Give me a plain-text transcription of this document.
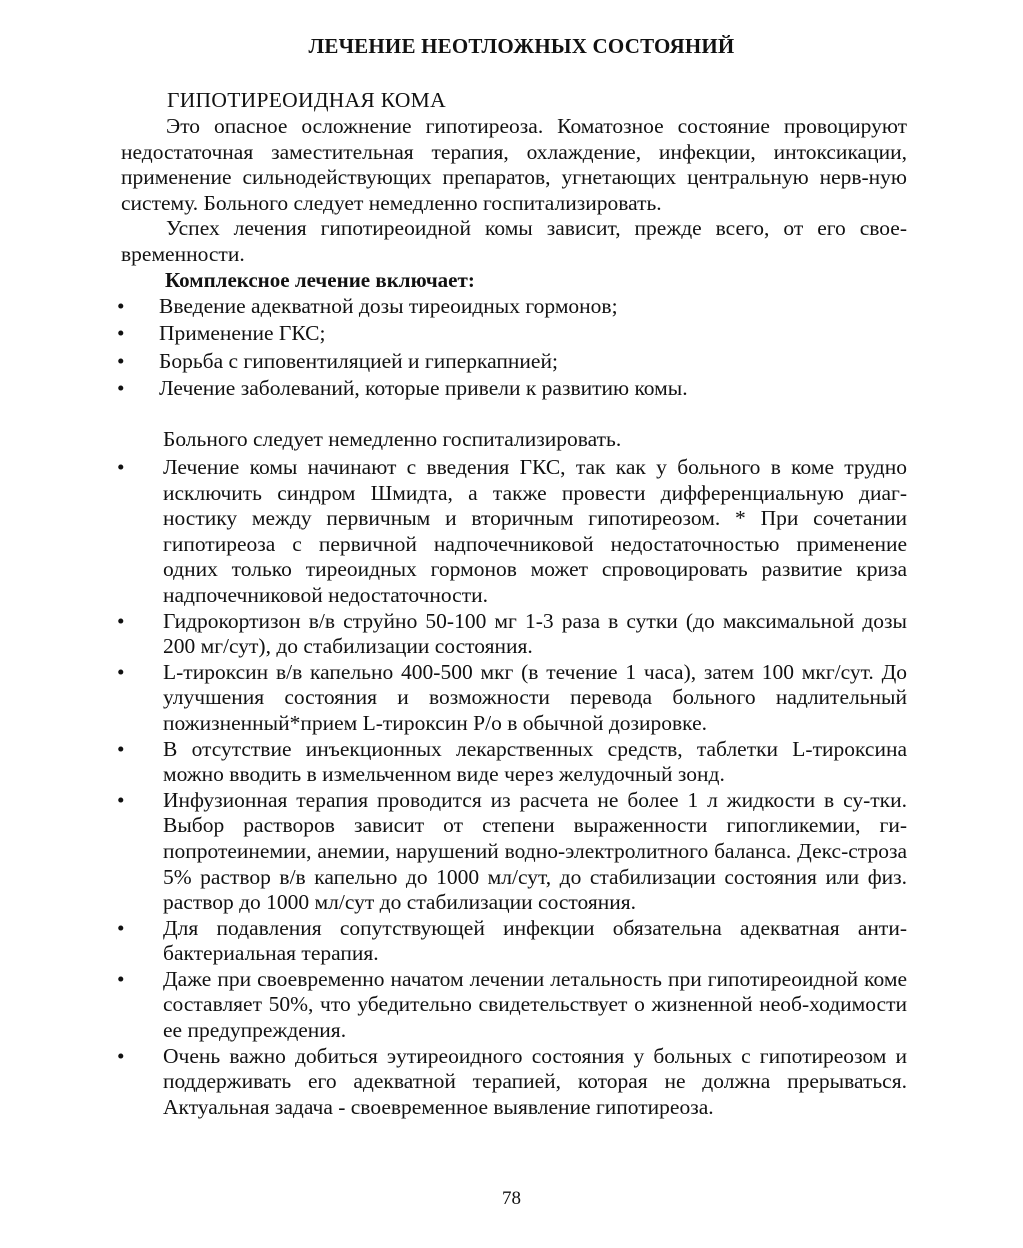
ЛЕЧЕНИЕ НЕОТЛОЖНЫХ СОСТОЯНИЙ
ГИПОТИРЕОИДНАЯ КОМА

Это опасное осложнение гипотиреоза. Коматозное состояние провоцируют недостаточная заместительная терапия, охлаждение, инфекции, интоксикации, применение сильнодействующих препаратов, угнетающих центральную нерв-ную систему. Больного следует немедленно госпитализировать.

Успех лечения гипотиреоидной комы зависит, прежде всего, от его свое-временности.

Комплексное лечение включает:
• Введение адекватной дозы тиреоидных гормонов;
• Применение ГКС;
• Борьба с гиповентиляцией и гиперкапнией;
• Лечение заболеваний, которые привели к развитию комы.
Больного следует немедленно госпитализировать.
• Лечение комы начинают с введения ГКС, так как у больного в коме трудно исключить синдром Шмидта, а также провести дифференциальную диаг-ностику между первичным и вторичным гипотиреозом. * При сочетании гипотиреоза с первичной надпочечниковой недостаточностью применение одних только тиреоидных гормонов может спровоцировать развитие криза надпочечниковой недостаточности.
• Гидрокортизон в/в струйно 50-100 мг 1-3 раза в сутки (до максимальной дозы 200 мг/сут), до стабилизации состояния.
• L-тироксин в/в капельно 400-500 мкг (в течение 1 часа), затем 100 мкг/сут. До улучшения состояния и возможности перевода больного надлительный пожизненный*прием L-тироксин Р/о в обычной дозировке.
• В отсутствие инъекционных лекарственных средств, таблетки L-тироксина можно вводить в измельченном виде через желудочный зонд.
• Инфузионная терапия проводится из расчета не более 1 л жидкости в су-тки. Выбор растворов зависит от степени выраженности гипогликемии, ги-попротеинемии, анемии, нарушений водно-электролитного баланса. Декс-строза 5% раствор в/в капельно до 1000 мл/сут, до стабилизации состояния или физ. раствор до 1000 мл/сут до стабилизации состояния.
• Для подавления сопутствующей инфекции обязательна адекватная анти-бактериальная терапия.
• Даже при своевременно начатом лечении летальность при гипотиреоидной коме составляет 50%, что убедительно свидетельствует о жизненной необ-ходимости ее предупреждения.
• Очень важно добиться эутиреоидного состояния у больных с гипотиреозом и поддерживать его адекватной терапией, которая не должна прерываться. Актуальная задача - своевременное выявление гипотиреоза.
78
